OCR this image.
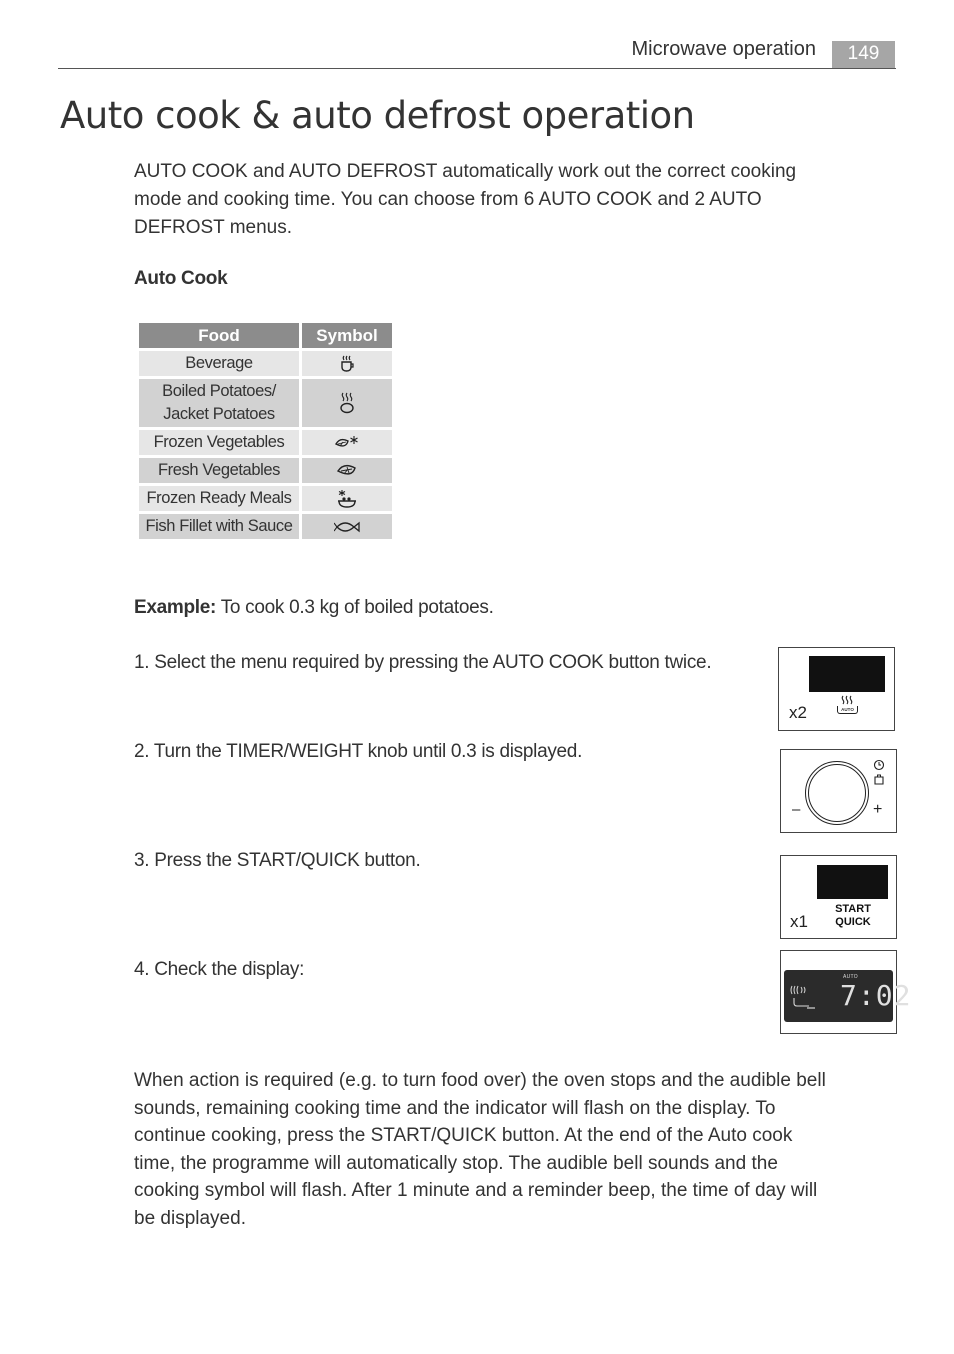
Microwave operation	149
Auto cook & auto defrost operation
AUTO COOK and AUTO DEFROST automatically work out the correct cooking mode and cooking time. You can choose from 6 AUTO COOK and 2 AUTO DEFROST menus.
Auto Cook
Food	Symbol
Beverage	

Boiled Potatoes/
Jacket Potatoes

Frozen Vegetables	

Fresh Vegetables	

Frozen Ready Meals	

Fish Fillet with Sauce	
Example: To cook 0.3 kg of boiled potatoes.
1. Select the menu required by pressing the AUTO COOK button twice.
2. Turn the TIMER/WEIGHT knob until 0.3 is displayed.
3. Press the START/QUICK button.
4. Check the display:
x2	AUTO
–	+
x1
START
QUICK
AUTO
7:02
When action is required (e.g. to turn food over) the oven stops and the audible bell sounds, remaining cooking time and the indicator will flash on the display. To continue cooking, press the START/QUICK button. At the end of the Auto cook time, the programme will automatically stop. The audible bell sounds and the cooking symbol will flash. After 1 minute and a reminder beep, the time of day will be displayed.
